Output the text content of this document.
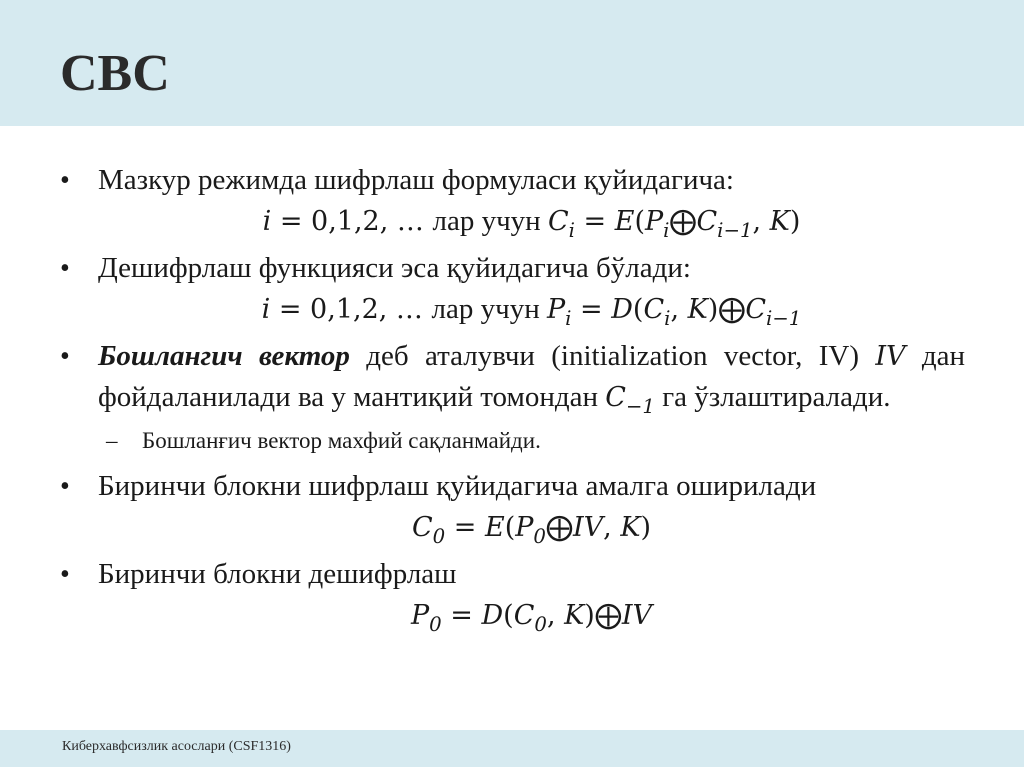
CBC
• Мазкур режимда шифрлаш формуласи қуйидагича:
i = 0,1,2, … лар учун $C_i$ = $E(P_i⨁C_{i-1}$, K)
• Дешифрлаш функцияси эса қуйидагича бўлади:
i = 0,1,2, … лар учун $P_i = D(C_i$, $K)⨁C_{i-1}$
• Бошлангич вектор деб аталувчи (initialization vector, IV) IV дан фойдаланилади ва у мантиқий томондан $C_{-1}$ га ўзлаштиралади.
– Бошланғич вектор махфий сақланмайди.
• Биринчи блокни шифрлаш қуйидагича амалга оширилади
$C_0$ = $E(P_0⨁IV$, K)
• Биринчи блокни дешифрлаш
$P_0 = D(C_0$, K)⨁IV
Киберхавфсизлик асослари (CSF1316)
